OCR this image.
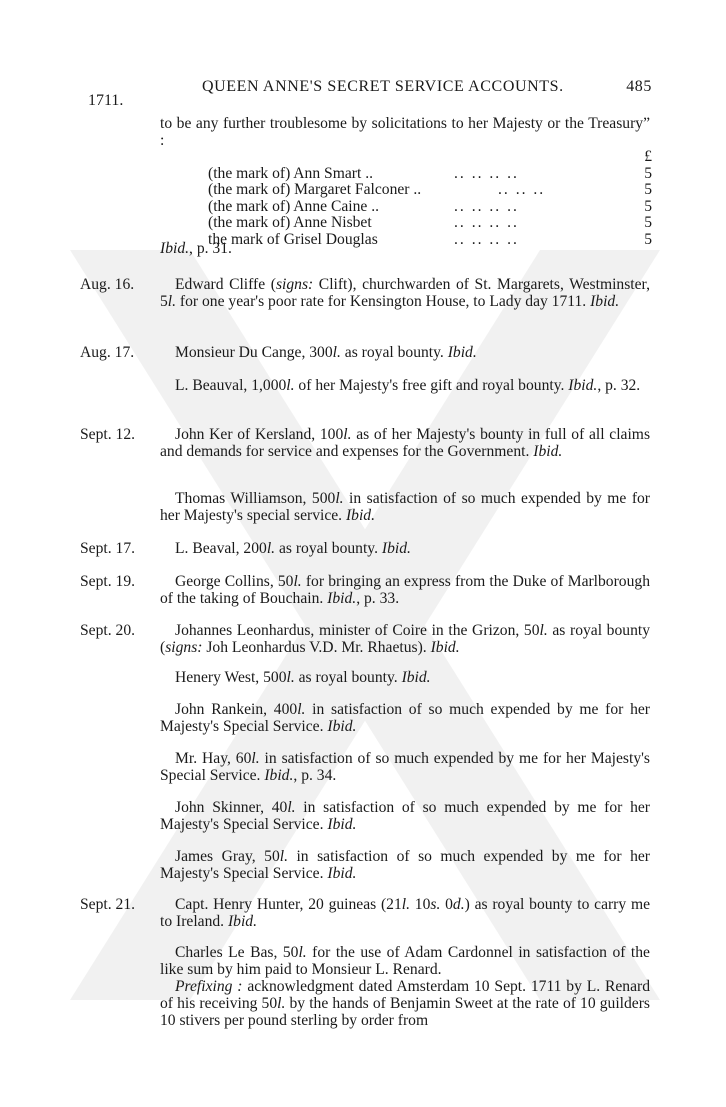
1711.
QUEEN ANNE'S SECRET SERVICE ACCOUNTS.	485
to be any further troublesome by solicitations to her Majesty or the Treasury” :
£
(the mark of) Ann Smart ..	.. .. .. ..	5
(the mark of) Margaret Falconer ..	.. .. ..	5
(the mark of) Anne Caine ..	.. .. .. ..	5
(the mark of) Anne Nisbet	.. .. .. ..	5
the mark of Grisel Douglas	.. .. .. ..	5
Ibid., p. 31.
Aug. 16.	Edward Cliffe (signs: Clift), churchwarden of St. Margarets, Westminster, 5l. for one year's poor rate for Kensington House, to Lady day 1711. Ibid.
Aug. 17.	Monsieur Du Cange, 300l. as royal bounty. Ibid.
L. Beauval, 1,000l. of her Majesty's free gift and royal bounty. Ibid., p. 32.
Sept. 12.	John Ker of Kersland, 100l. as of her Majesty's bounty in full of all claims and demands for service and expenses for the Government. Ibid.
Thomas Williamson, 500l. in satisfaction of so much expended by me for her Majesty's special service. Ibid.
Sept. 17.	L. Beaval, 200l. as royal bounty. Ibid.
Sept. 19.	George Collins, 50l. for bringing an express from the Duke of Marlborough of the taking of Bouchain. Ibid., p. 33.
Sept. 20.	Johannes Leonhardus, minister of Coire in the Grizon, 50l. as royal bounty (signs: Joh Leonhardus V.D. Mr. Rhaetus). Ibid.
Henery West, 500l. as royal bounty. Ibid.
John Rankein, 400l. in satisfaction of so much expended by me for her Majesty's Special Service. Ibid.
Mr. Hay, 60l. in satisfaction of so much expended by me for her Majesty's Special Service. Ibid., p. 34.
John Skinner, 40l. in satisfaction of so much expended by me for her Majesty's Special Service. Ibid.
James Gray, 50l. in satisfaction of so much expended by me for her Majesty's Special Service. Ibid.
Sept. 21.	Capt. Henry Hunter, 20 guineas (21l. 10s. 0d.) as royal bounty to carry me to Ireland. Ibid.
Charles Le Bas, 50l. for the use of Adam Cardonnel in satisfaction of the like sum by him paid to Monsieur L. Renard.
Prefixing : acknowledgment dated Amsterdam 10 Sept. 1711 by L. Renard of his receiving 50l. by the hands of Benjamin Sweet at the rate of 10 guilders 10 stivers per pound sterling by order from
